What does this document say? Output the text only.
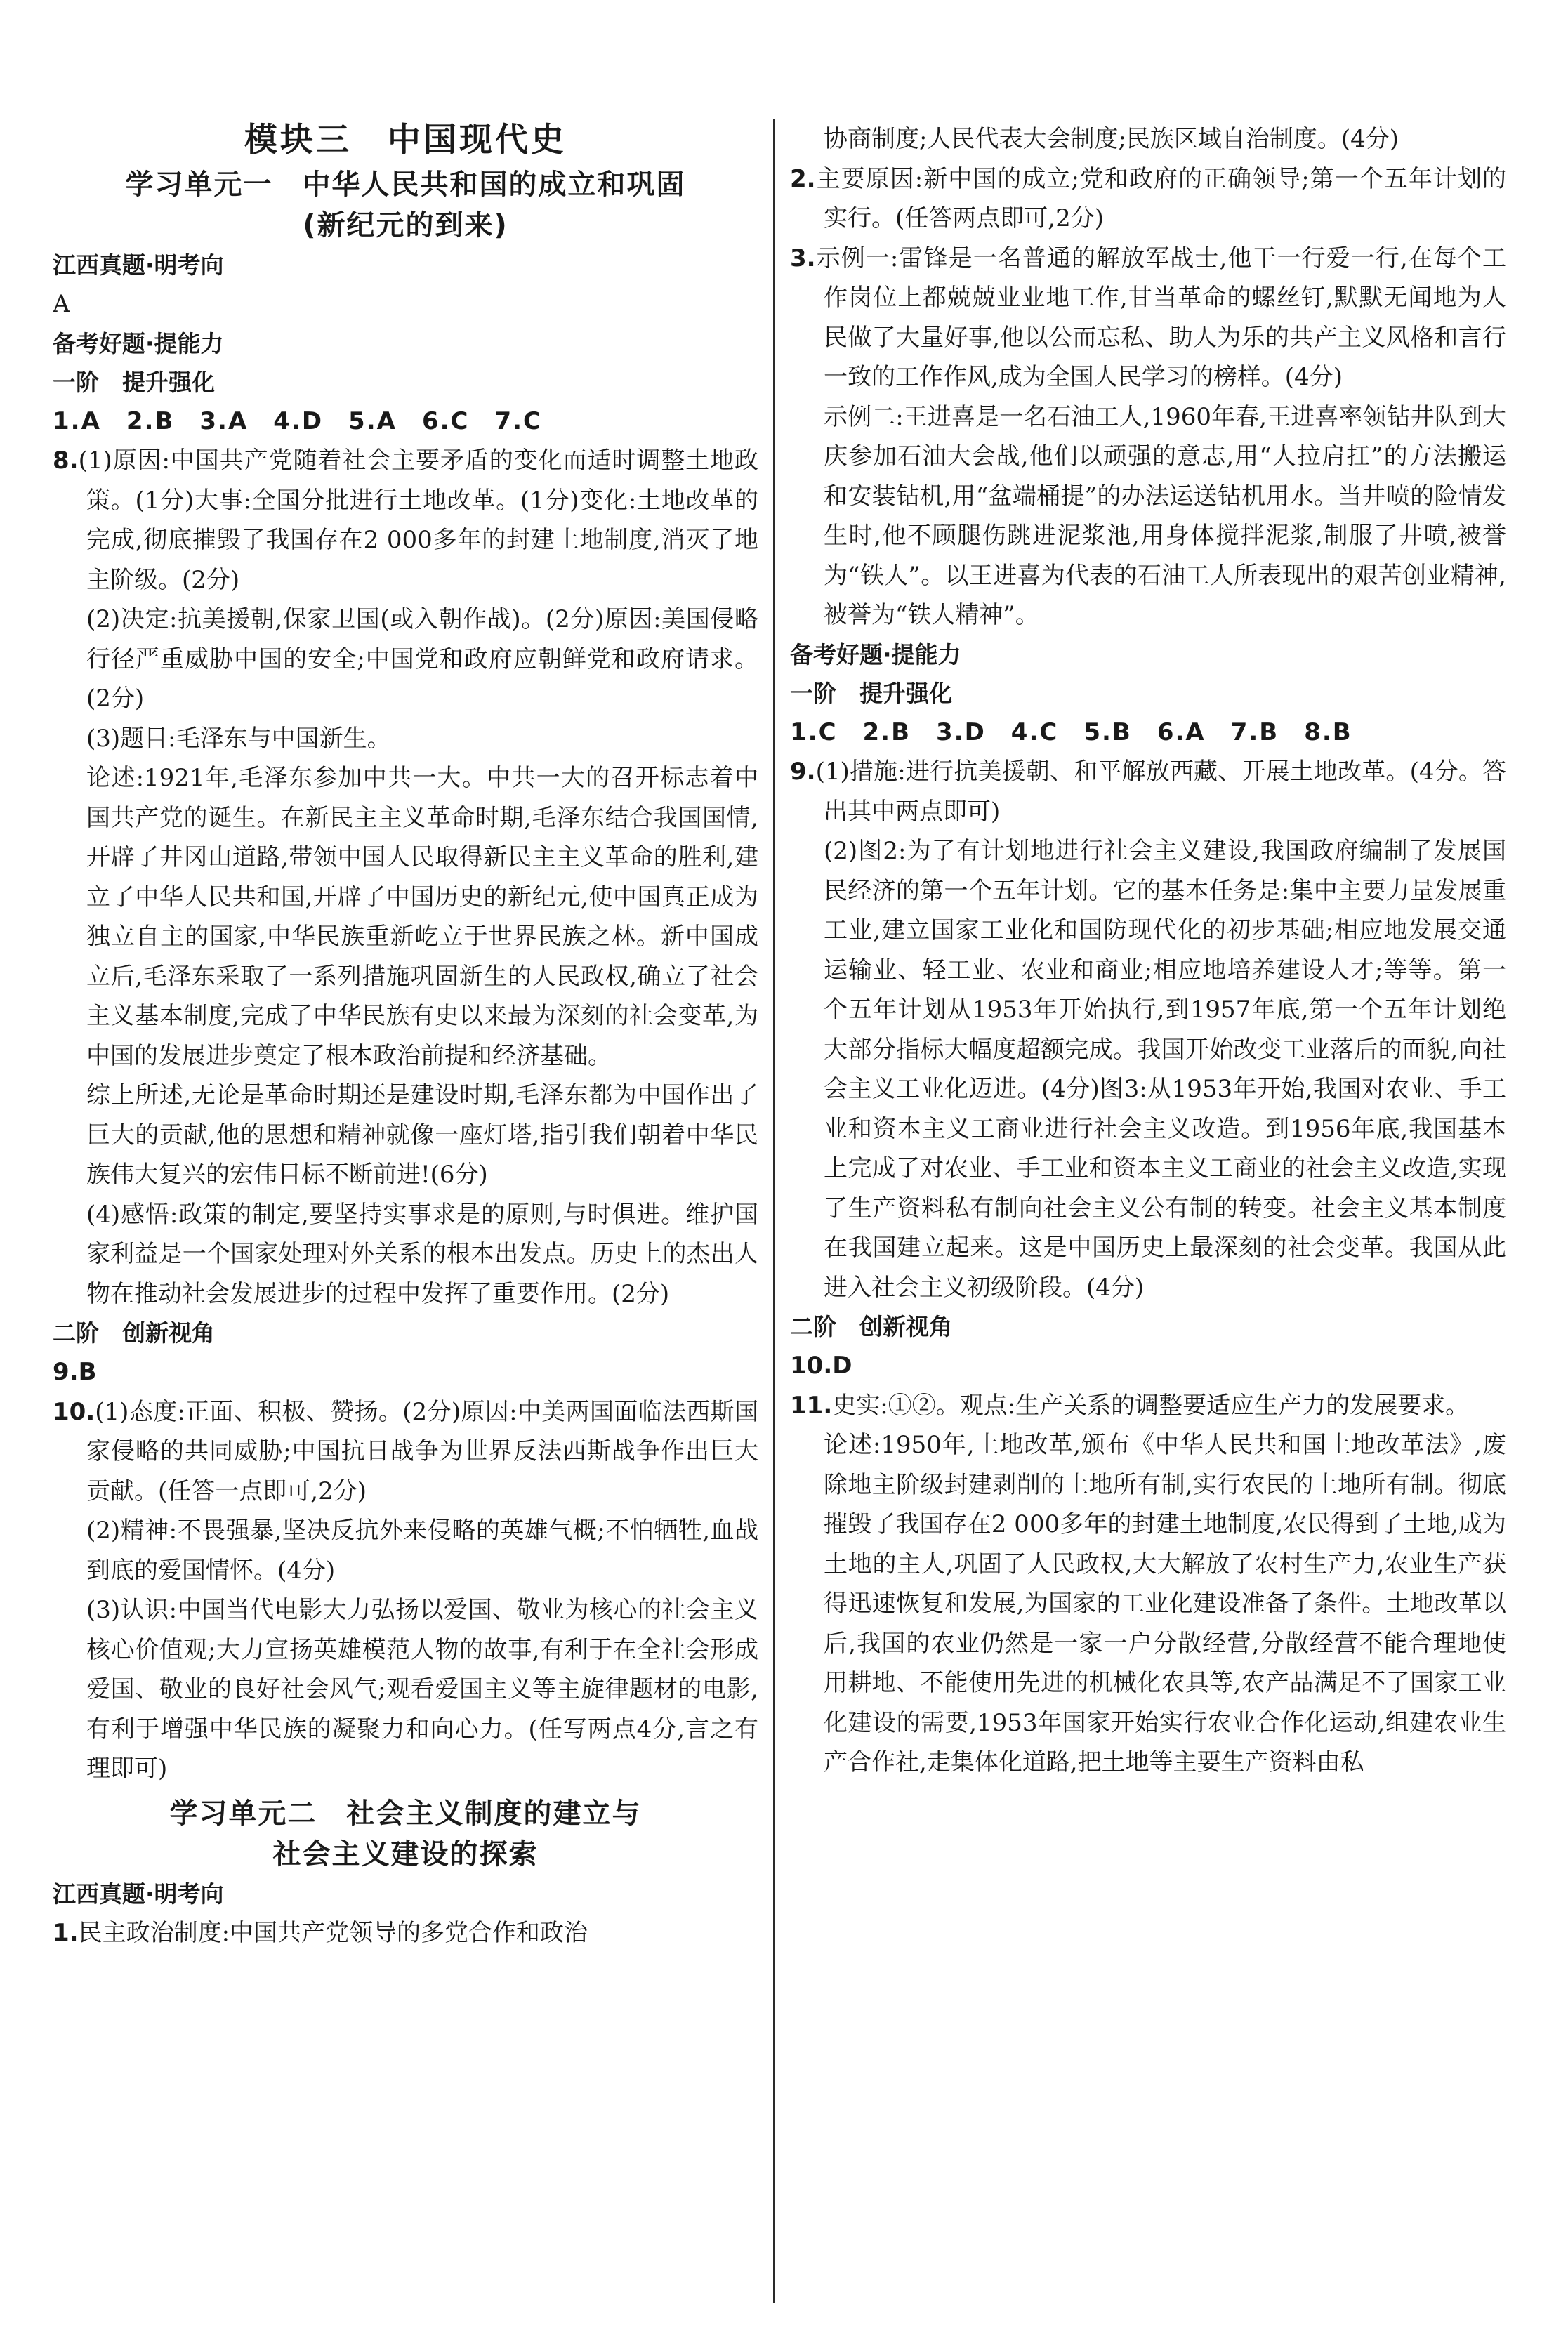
模块三　中国现代史
学习单元一　中华人民共和国的成立和巩固
(新纪元的到来)
江西真题·明考向
A
备考好题·提能力
一阶　提升强化
1.A　2.B　3.A　4.D　5.A　6.C　7.C
8.(1)原因:中国共产党随着社会主要矛盾的变化而适时调整土地政策。(1分)大事:全国分批进行土地改革。(1分)变化:土地改革的完成,彻底摧毁了我国存在2 000多年的封建土地制度,消灭了地主阶级。(2分)
(2)决定:抗美援朝,保家卫国(或入朝作战)。(2分)原因:美国侵略行径严重威胁中国的安全;中国党和政府应朝鲜党和政府请求。(2分)
(3)题目:毛泽东与中国新生。
论述:1921年,毛泽东参加中共一大。中共一大的召开标志着中国共产党的诞生。在新民主主义革命时期,毛泽东结合我国国情,开辟了井冈山道路,带领中国人民取得新民主主义革命的胜利,建立了中华人民共和国,开辟了中国历史的新纪元,使中国真正成为独立自主的国家,中华民族重新屹立于世界民族之林。新中国成立后,毛泽东采取了一系列措施巩固新生的人民政权,确立了社会主义基本制度,完成了中华民族有史以来最为深刻的社会变革,为中国的发展进步奠定了根本政治前提和经济基础。
综上所述,无论是革命时期还是建设时期,毛泽东都为中国作出了巨大的贡献,他的思想和精神就像一座灯塔,指引我们朝着中华民族伟大复兴的宏伟目标不断前进!(6分)
(4)感悟:政策的制定,要坚持实事求是的原则,与时俱进。维护国家利益是一个国家处理对外关系的根本出发点。历史上的杰出人物在推动社会发展进步的过程中发挥了重要作用。(2分)
二阶　创新视角
9.B
10.(1)态度:正面、积极、赞扬。(2分)原因:中美两国面临法西斯国家侵略的共同威胁;中国抗日战争为世界反法西斯战争作出巨大贡献。(任答一点即可,2分)
(2)精神:不畏强暴,坚决反抗外来侵略的英雄气概;不怕牺牲,血战到底的爱国情怀。(4分)
(3)认识:中国当代电影大力弘扬以爱国、敬业为核心的社会主义核心价值观;大力宣扬英雄模范人物的故事,有利于在全社会形成爱国、敬业的良好社会风气;观看爱国主义等主旋律题材的电影,有利于增强中华民族的凝聚力和向心力。(任写两点4分,言之有理即可)
学习单元二　社会主义制度的建立与
社会主义建设的探索
江西真题·明考向
1.民主政治制度:中国共产党领导的多党合作和政治
协商制度;人民代表大会制度;民族区域自治制度。(4分)
2.主要原因:新中国的成立;党和政府的正确领导;第一个五年计划的实行。(任答两点即可,2分)
3.示例一:雷锋是一名普通的解放军战士,他干一行爱一行,在每个工作岗位上都兢兢业业地工作,甘当革命的螺丝钉,默默无闻地为人民做了大量好事,他以公而忘私、助人为乐的共产主义风格和言行一致的工作作风,成为全国人民学习的榜样。(4分)
示例二:王进喜是一名石油工人,1960年春,王进喜率领钻井队到大庆参加石油大会战,他们以顽强的意志,用“人拉肩扛”的方法搬运和安装钻机,用“盆端桶提”的办法运送钻机用水。当井喷的险情发生时,他不顾腿伤跳进泥浆池,用身体搅拌泥浆,制服了井喷,被誉为“铁人”。以王进喜为代表的石油工人所表现出的艰苦创业精神,被誉为“铁人精神”。
备考好题·提能力
一阶　提升强化
1.C　2.B　3.D　4.C　5.B　6.A　7.B　8.B
9.(1)措施:进行抗美援朝、和平解放西藏、开展土地改革。(4分。答出其中两点即可)
(2)图2:为了有计划地进行社会主义建设,我国政府编制了发展国民经济的第一个五年计划。它的基本任务是:集中主要力量发展重工业,建立国家工业化和国防现代化的初步基础;相应地发展交通运输业、轻工业、农业和商业;相应地培养建设人才;等等。第一个五年计划从1953年开始执行,到1957年底,第一个五年计划绝大部分指标大幅度超额完成。我国开始改变工业落后的面貌,向社会主义工业化迈进。(4分)图3:从1953年开始,我国对农业、手工业和资本主义工商业进行社会主义改造。到1956年底,我国基本上完成了对农业、手工业和资本主义工商业的社会主义改造,实现了生产资料私有制向社会主义公有制的转变。社会主义基本制度在我国建立起来。这是中国历史上最深刻的社会变革。我国从此进入社会主义初级阶段。(4分)
二阶　创新视角
10.D
11.史实:①②。观点:生产关系的调整要适应生产力的发展要求。
论述:1950年,土地改革,颁布《中华人民共和国土地改革法》,废除地主阶级封建剥削的土地所有制,实行农民的土地所有制。彻底摧毁了我国存在2 000多年的封建土地制度,农民得到了土地,成为土地的主人,巩固了人民政权,大大解放了农村生产力,农业生产获得迅速恢复和发展,为国家的工业化建设准备了条件。土地改革以后,我国的农业仍然是一家一户分散经营,分散经营不能合理地使用耕地、不能使用先进的机械化农具等,农产品满足不了国家工业化建设的需要,1953年国家开始实行农业合作化运动,组建农业生产合作社,走集体化道路,把土地等主要生产资料由私
